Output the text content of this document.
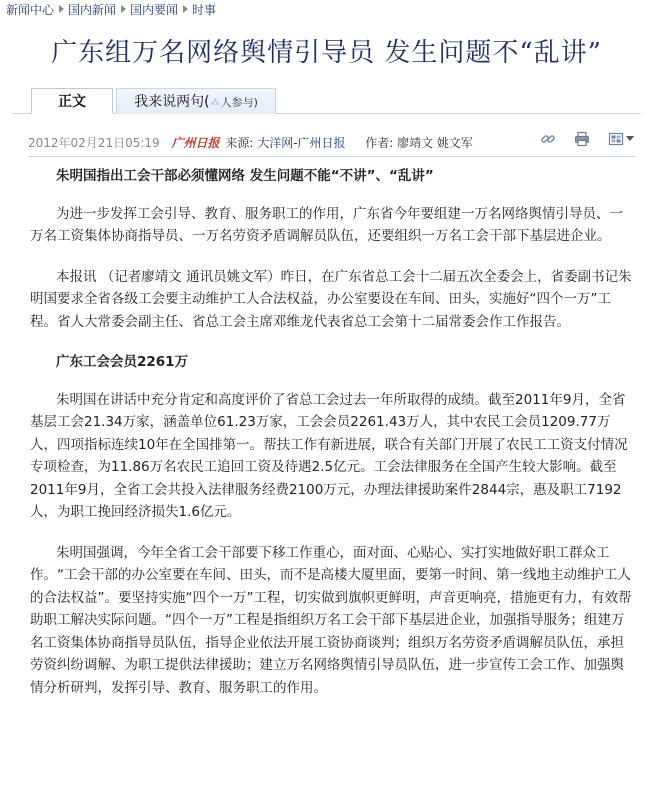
新闻中心 国内新闻 国内要闻 时事
广东组万名网络舆情引导员 发生问题不“乱讲”
正文	我来说两句(⁂人参与)
2012年02月21日05:19 广州日报 来源: 大洋网-广州日报 作者: 廖靖文 姚文军

朱明国指出工会干部必须懂网络 发生问题不能“不讲”、“乱讲”

为进一步发挥工会引导、教育、服务职工的作用，广东省今年要组建一万名网络舆情引导员、一万名工资集体协商指导员、一万名劳资矛盾调解员队伍，还要组织一万名工会干部下基层进企业。

本报讯 （记者廖靖文 通讯员姚文军）昨日，在广东省总工会十二届五次全委会上，省委副书记朱明国要求全省各级工会要主动维护工人合法权益，办公室要设在车间、田头，实施好“四个一万”工程。省人大常委会副主任、省总工会主席邓维龙代表省总工会第十二届常委会作工作报告。

广东工会会员2261万

朱明国在讲话中充分肯定和高度评价了省总工会过去一年所取得的成绩。截至2011年9月，全省基层工会21.34万家，涵盖单位61.23万家，工会会员2261.43万人，其中农民工会员1209.77万人，四项指标连续10年在全国排第一。帮扶工作有新进展，联合有关部门开展了农民工工资支付情况专项检查，为11.86万名农民工追回工资及待遇2.5亿元。工会法律服务在全国产生较大影响。截至2011年9月，全省工会共投入法律服务经费2100万元，办理法律援助案件2844宗，惠及职工7192人，为职工挽回经济损失1.6亿元。

朱明国强调，今年全省工会干部要下移工作重心，面对面、心贴心、实打实地做好职工群众工作。“工会干部的办公室要在车间、田头，而不是高楼大厦里面，要第一时间、第一线地主动维护工人的合法权益”。要坚持实施“四个一万”工程，切实做到旗帜更鲜明，声音更响亮，措施更有力，有效帮助职工解决实际问题。“四个一万”工程是指组织万名工会干部下基层进企业，加强指导服务；组建万名工资集体协商指导员队伍，指导企业依法开展工资协商谈判；组织万名劳资矛盾调解员队伍，承担劳资纠纷调解、为职工提供法律援助；建立万名网络舆情引导员队伍，进一步宣传工会工作、加强舆情分析研判，发挥引导、教育、服务职工的作用。
